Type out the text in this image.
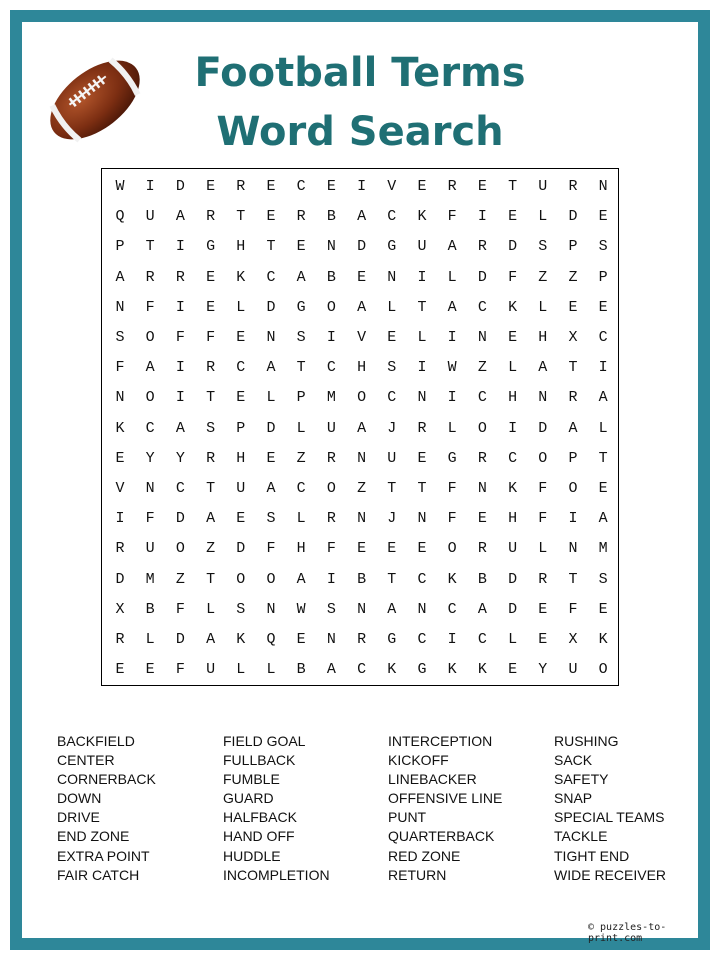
Football Terms
Word Search
W	I	D	E	R	E	C	E	I	V	E	R	E	T	U	R	N
Q	U	A	R	T	E	R	B	A	C	K	F	I	E	L	D	E
P	T	I	G	H	T	E	N	D	G	U	A	R	D	S	P	S
A	R	R	E	K	C	A	B	E	N	I	L	D	F	Z	Z	P
N	F	I	E	L	D	G	O	A	L	T	A	C	K	L	E	E
S	O	F	F	E	N	S	I	V	E	L	I	N	E	H	X	C
F	A	I	R	C	A	T	C	H	S	I	W	Z	L	A	T	I
N	O	I	T	E	L	P	M	O	C	N	I	C	H	N	R	A
K	C	A	S	P	D	L	U	A	J	R	L	O	I	D	A	L
E	Y	Y	R	H	E	Z	R	N	U	E	G	R	C	O	P	T
V	N	C	T	U	A	C	O	Z	T	T	F	N	K	F	O	E
I	F	D	A	E	S	L	R	N	J	N	F	E	H	F	I	A
R	U	O	Z	D	F	H	F	E	E	E	O	R	U	L	N	M
D	M	Z	T	O	O	A	I	B	T	C	K	B	D	R	T	S
X	B	F	L	S	N	W	S	N	A	N	C	A	D	E	F	E
R	L	D	A	K	Q	E	N	R	G	C	I	C	L	E	X	K
E	E	F	U	L	L	B	A	C	K	G	K	K	E	Y	U	O
BACKFIELD
CENTER
CORNERBACK
DOWN
DRIVE
END ZONE
EXTRA POINT
FAIR CATCH
FIELD GOAL
FULLBACK
FUMBLE
GUARD
HALFBACK
HAND OFF
HUDDLE
INCOMPLETION
INTERCEPTION
KICKOFF
LINEBACKER
OFFENSIVE LINE
PUNT
QUARTERBACK
RED ZONE
RETURN
RUSHING
SACK
SAFETY
SNAP
SPECIAL TEAMS
TACKLE
TIGHT END
WIDE RECEIVER
© puzzles-to-print.com
